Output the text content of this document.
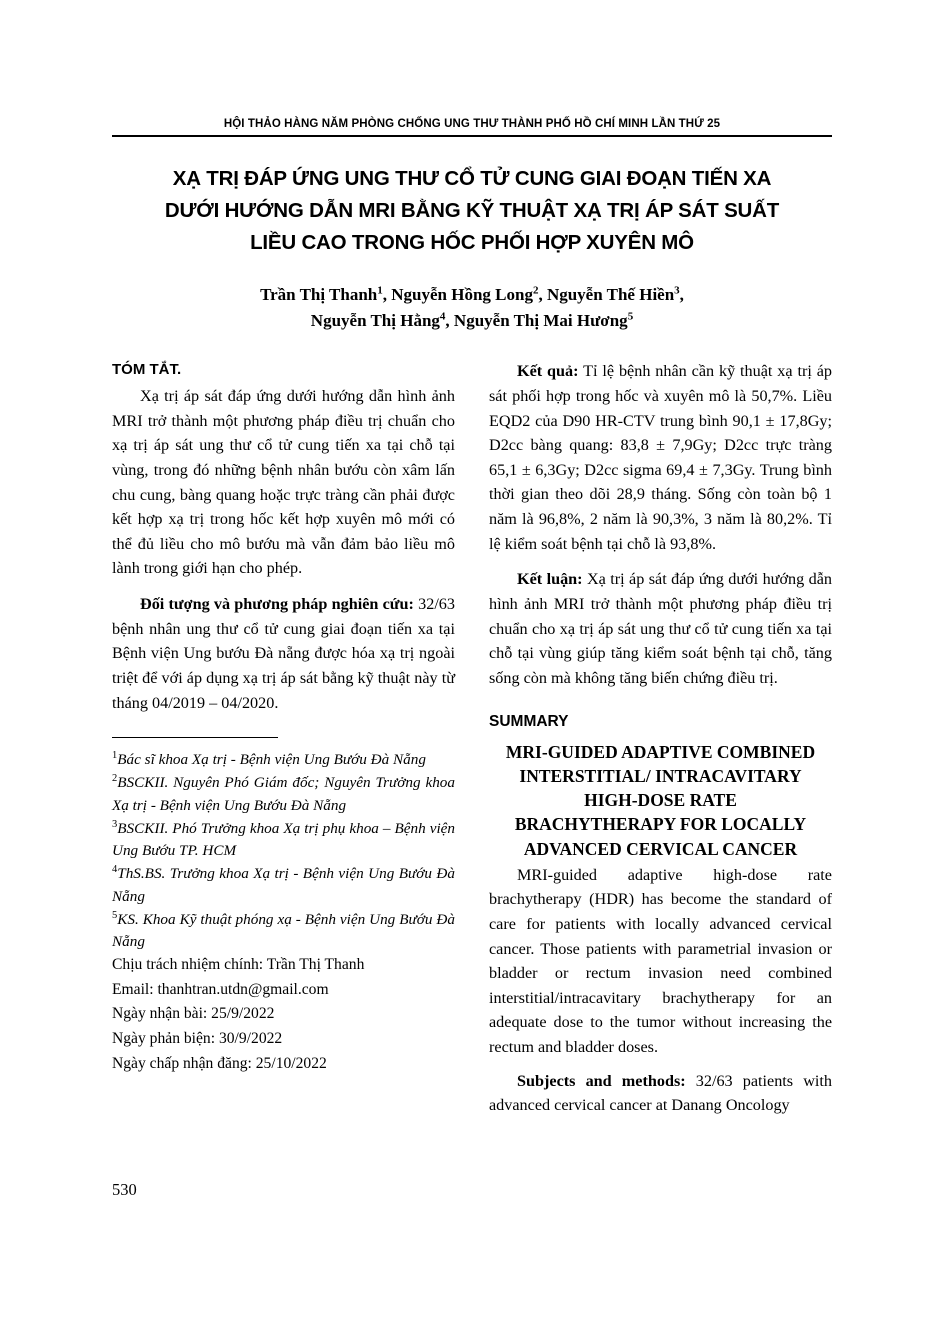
HỘI THẢO HÀNG NĂM PHÒNG CHỐNG UNG THƯ THÀNH PHỐ HỒ CHÍ MINH LẦN THỨ 25
XẠ TRỊ ĐÁP ỨNG UNG THƯ CỔ TỬ CUNG GIAI ĐOẠN TIẾN XA
DƯỚI HƯỚNG DẪN MRI BẰNG KỸ THUẬT XẠ TRỊ ÁP SÁT SUẤT
LIỀU CAO TRONG HỐC PHỐI HỢP XUYÊN MÔ
Trần Thị Thanh$^1$, Nguyễn Hồng Long$^2$, Nguyễn Thế Hiền$^3$,
Nguyễn Thị Hằng$^4$, Nguyễn Thị Mai Hương$^5$

TÓM TẮT.

Xạ trị áp sát đáp ứng dưới hướng dẫn hình ảnh MRI trở thành một phương pháp điều trị chuẩn cho xạ trị áp sát ung thư cổ tử cung tiến xa tại chỗ tại vùng, trong đó những bệnh nhân bướu còn xâm lấn chu cung, bàng quang hoặc trực tràng cần phải được kết hợp xạ trị trong hốc kết hợp xuyên mô mới có thể đủ liều cho mô bướu mà vẫn đảm bảo liều mô lành trong giới hạn cho phép.

Đối tượng và phương pháp nghiên cứu: 32/63 bệnh nhân ung thư cổ tử cung giai đoạn tiến xa tại Bệnh viện Ung bướu Đà nẵng được hóa xạ trị ngoài triệt để với áp dụng xạ trị áp sát bằng kỹ thuật này từ tháng 04/2019 – 04/2020.

$^1$Bác sĩ khoa Xạ trị - Bệnh viện Ung Bướu Đà Nẵng

$^2$BSCKII. Nguyên Phó Giám đốc; Nguyên Trưởng khoa Xạ trị - Bệnh viện Ung Bướu Đà Nẵng

$^3$BSCKII. Phó Trưởng khoa Xạ trị phụ khoa – Bệnh viện Ung Bướu TP. HCM

$^4$ThS.BS. Trưởng khoa Xạ trị - Bệnh viện Ung Bướu Đà Nẵng

$^5$KS. Khoa Kỹ thuật phóng xạ - Bệnh viện Ung Bướu Đà Nẵng

Chịu trách nhiệm chính: Trần Thị Thanh

Email: thanhtran.utdn@gmail.com

Ngày nhận bài: 25/9/2022

Ngày phản biện: 30/9/2022

Ngày chấp nhận đăng: 25/10/2022

Kết quả: Tỉ lệ bệnh nhân cần kỹ thuật xạ trị áp sát phối hợp trong hốc và xuyên mô là 50,7%. Liều EQD2 của D90 HR-CTV trung bình 90,1 ± 17,8Gy; D2cc bàng quang: 83,8 ± 7,9Gy; D2cc trực tràng 65,1 ± 6,3Gy; D2cc sigma 69,4 ± 7,3Gy. Trung bình thời gian theo dõi 28,9 tháng. Sống còn toàn bộ 1 năm là 96,8%, 2 năm là 90,3%, 3 năm là 80,2%. Tỉ lệ kiểm soát bệnh tại chỗ là 93,8%.

Kết luận: Xạ trị áp sát đáp ứng dưới hướng dẫn hình ảnh MRI trở thành một phương pháp điều trị chuẩn cho xạ trị áp sát ung thư cổ tử cung tiến xa tại chỗ tại vùng giúp tăng kiểm soát bệnh tại chỗ, tăng sống còn mà không tăng biến chứng điều trị.

SUMMARY

MRI-GUIDED ADAPTIVE COMBINED
INTERSTITIAL/ INTRACAVITARY
HIGH-DOSE RATE
BRACHYTHERAPY FOR LOCALLY
ADVANCED CERVICAL CANCER

MRI-guided adaptive high-dose rate brachytherapy (HDR) has become the standard of care for patients with locally advanced cervical cancer. Those patients with parametrial invasion or bladder or rectum invasion need combined interstitial/intracavitary brachytherapy for an adequate dose to the tumor without increasing the rectum and bladder doses.

Subjects and methods: 32/63 patients with advanced cervical cancer at Danang Oncology

530
